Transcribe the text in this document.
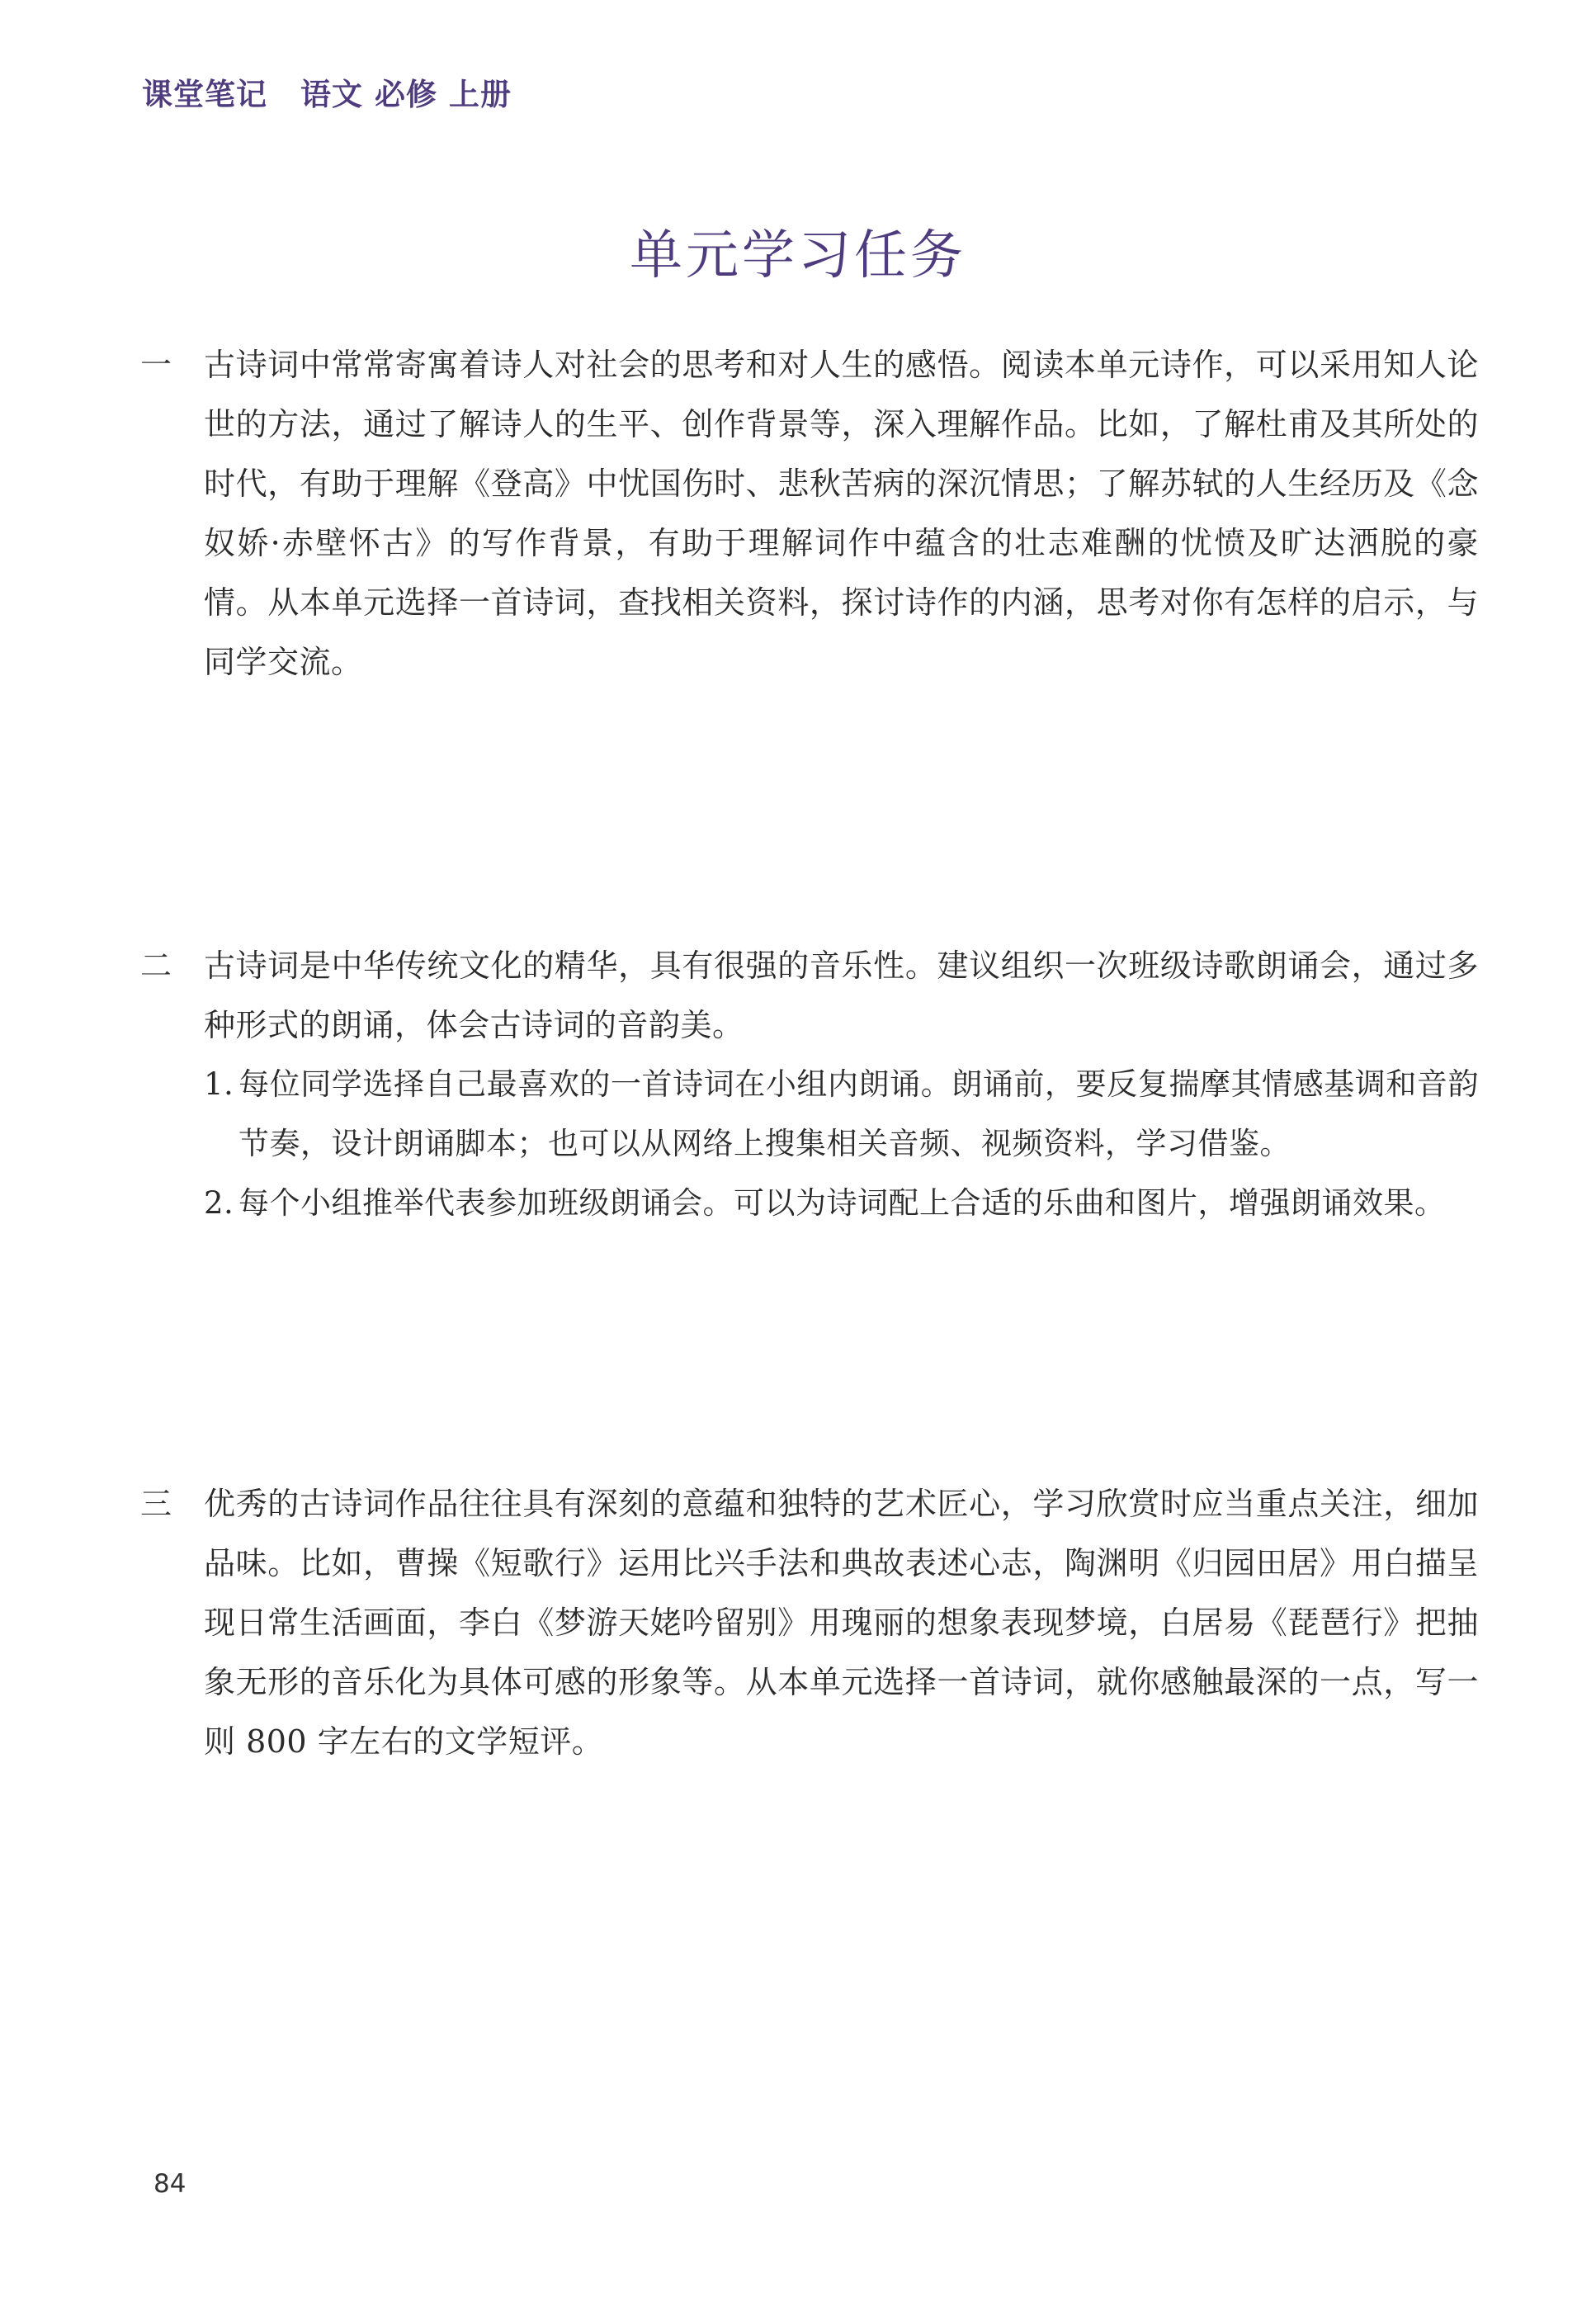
课堂笔记 语文 必修 上册
单元学习任务
一	古诗词中常常寄寓着诗人对社会的思考和对人生的感悟。阅读本单元诗作，可以采用知人论世的方法，通过了解诗人的生平、创作背景等，深入理解作品。比如，了解杜甫及其所处的时代，有助于理解《登高》中忧国伤时、悲秋苦病的深沉情思；了解苏轼的人生经历及《念奴娇·赤壁怀古》的写作背景，有助于理解词作中蕴含的壮志难酬的忧愤及旷达洒脱的豪情。从本单元选择一首诗词，查找相关资料，探讨诗作的内涵，思考对你有怎样的启示，与同学交流。
二	古诗词是中华传统文化的精华，具有很强的音乐性。建议组织一次班级诗歌朗诵会，通过多种形式的朗诵，体会古诗词的音韵美。
1. 每位同学选择自己最喜欢的一首诗词在小组内朗诵。朗诵前，要反复揣摩其情感基调和音韵节奏，设计朗诵脚本；也可以从网络上搜集相关音频、视频资料，学习借鉴。
2. 每个小组推举代表参加班级朗诵会。可以为诗词配上合适的乐曲和图片，增强朗诵效果。
三	优秀的古诗词作品往往具有深刻的意蕴和独特的艺术匠心，学习欣赏时应当重点关注，细加品味。比如，曹操《短歌行》运用比兴手法和典故表述心志，陶渊明《归园田居》用白描呈现日常生活画面，李白《梦游天姥吟留别》用瑰丽的想象表现梦境，白居易《琵琶行》把抽象无形的音乐化为具体可感的形象等。从本单元选择一首诗词，就你感触最深的一点，写一则 800 字左右的文学短评。
84
